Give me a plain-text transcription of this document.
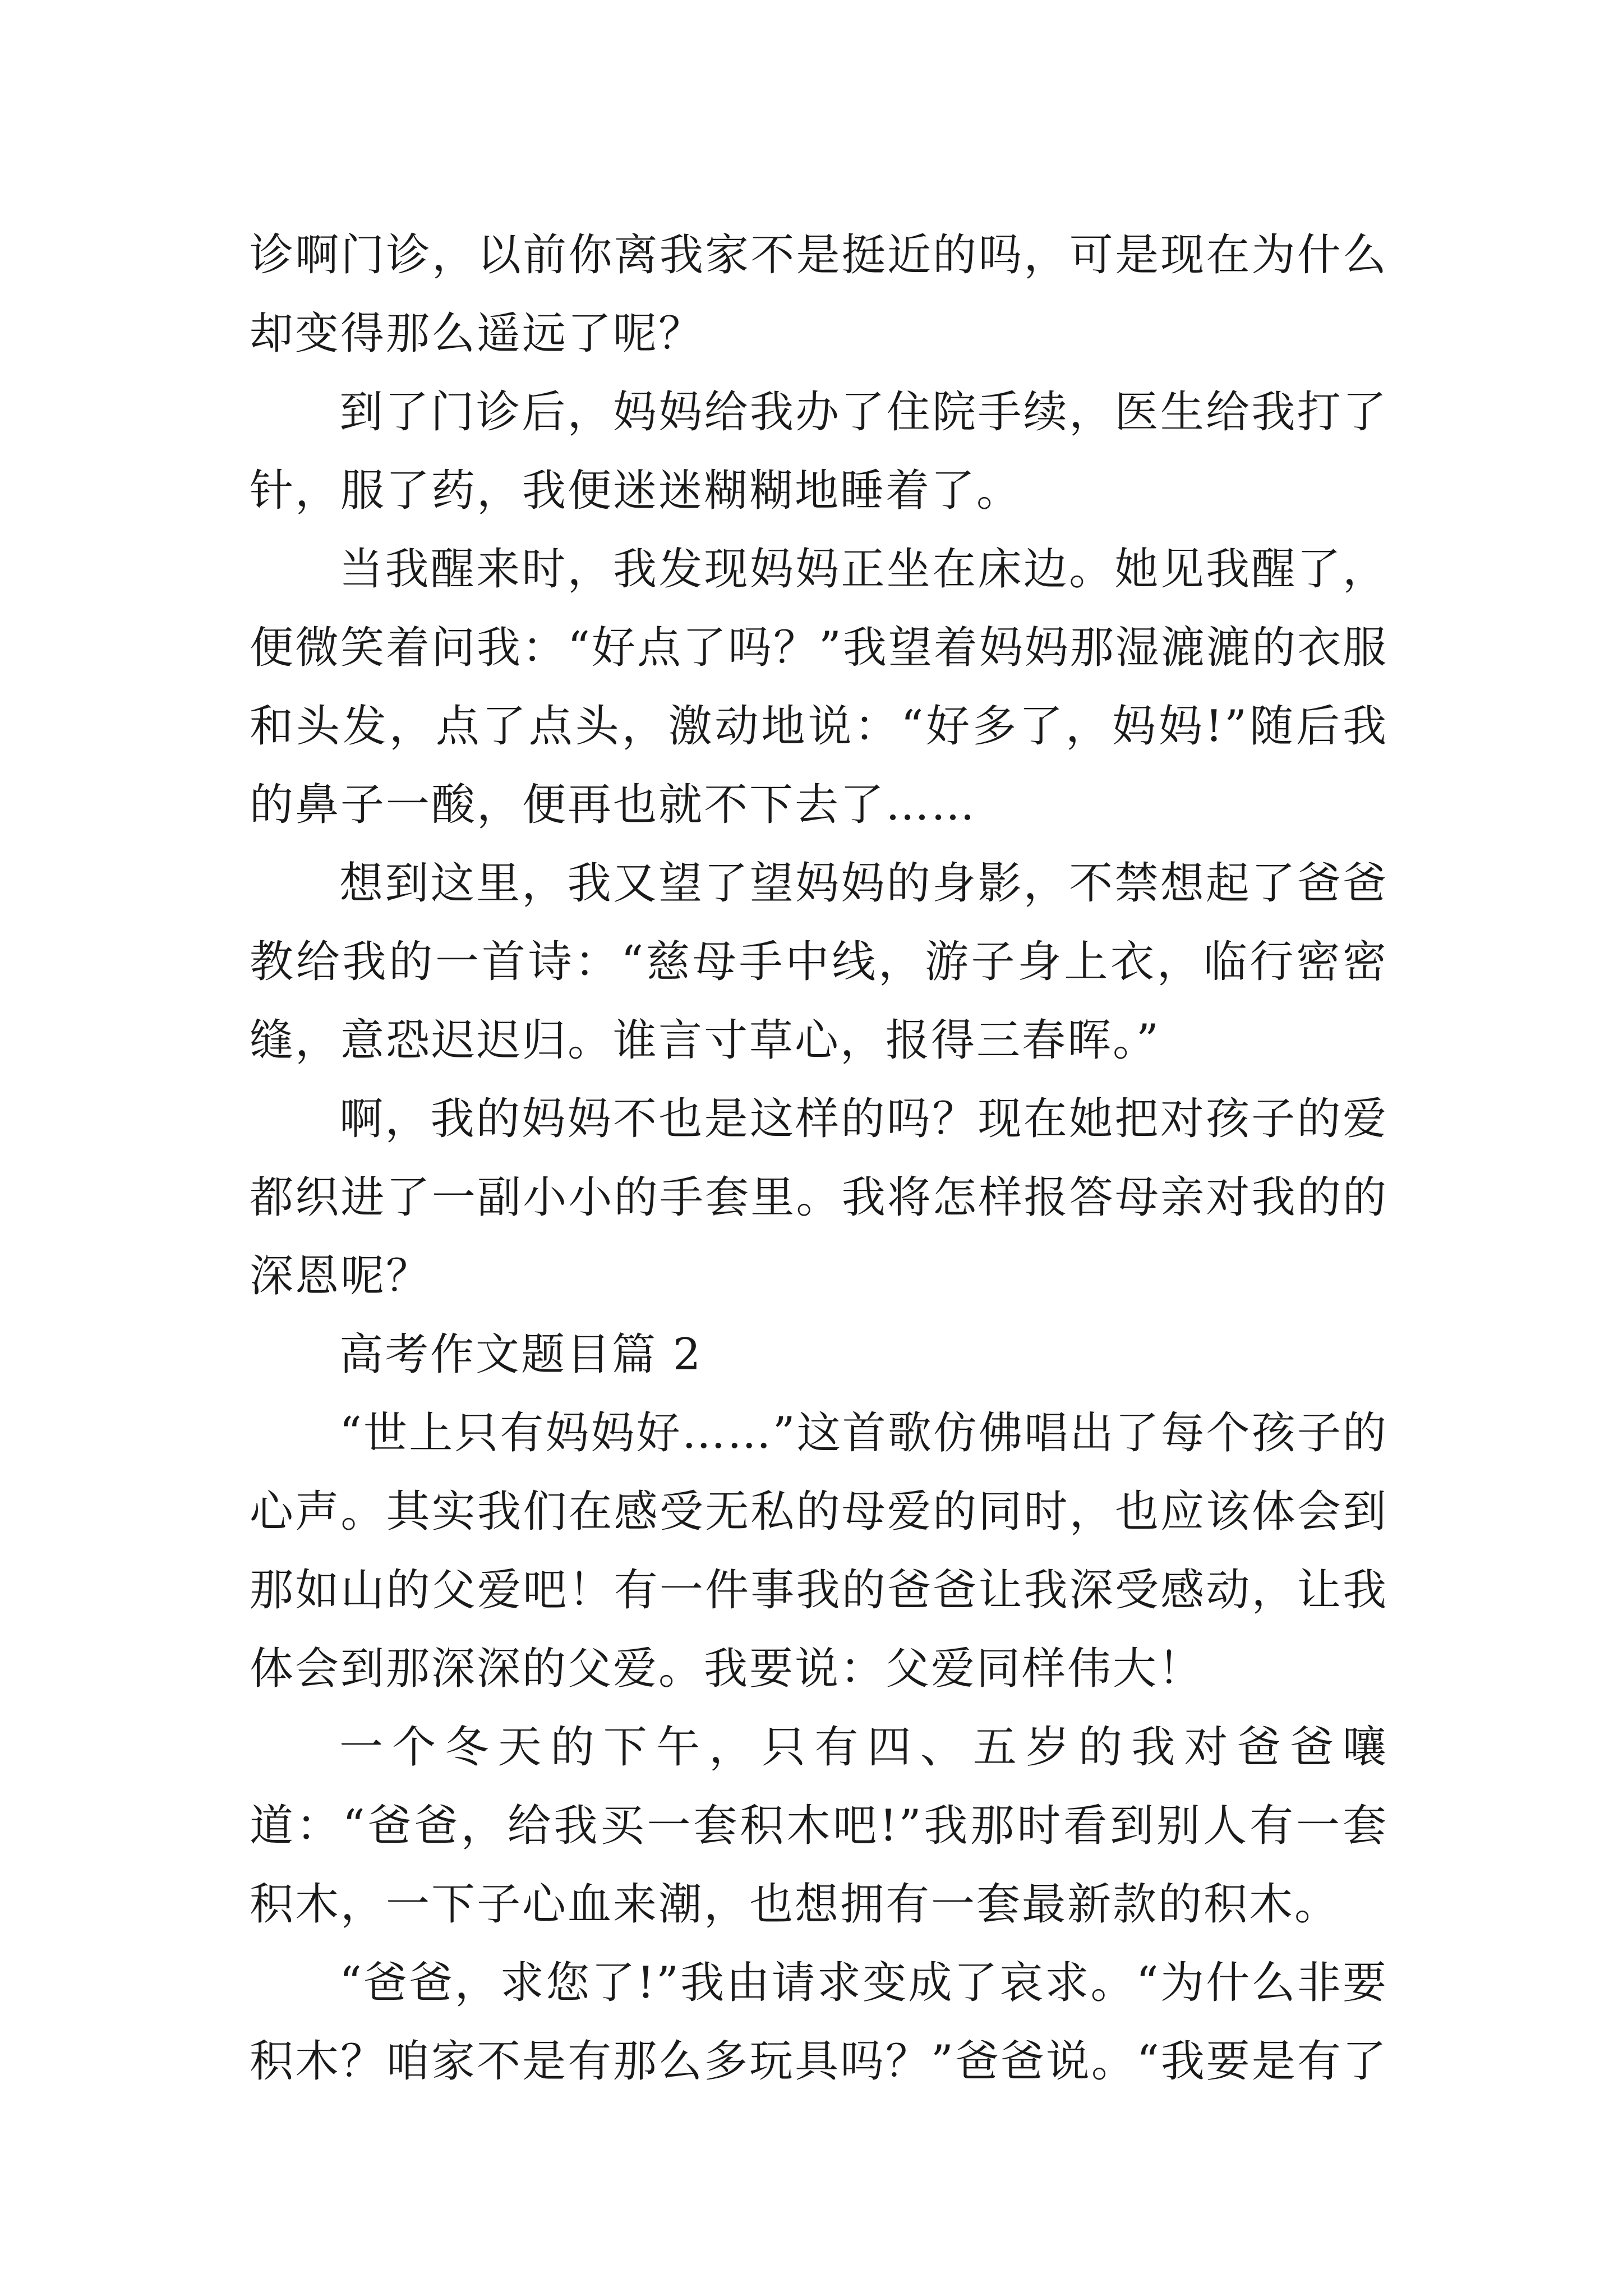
诊啊门诊，以前你离我家不是挺近的吗，可是现在为什么却变得那么遥远了呢？

到了门诊后，妈妈给我办了住院手续，医生给我打了针，服了药，我便迷迷糊糊地睡着了。

当我醒来时，我发现妈妈正坐在床边。她见我醒了，便微笑着问我：“好点了吗？”我望着妈妈那湿漉漉的衣服和头发，点了点头，激动地说：“好多了，妈妈!”随后我的鼻子一酸，便再也就不下去了……

想到这里，我又望了望妈妈的身影，不禁想起了爸爸教给我的一首诗：“慈母手中线，游子身上衣，临行密密缝，意恐迟迟归。谁言寸草心，报得三春晖。”

啊，我的妈妈不也是这样的吗？现在她把对孩子的爱都织进了一副小小的手套里。我将怎样报答母亲对我的的深恩呢？

高考作文题目篇 2

“世上只有妈妈好……”这首歌仿佛唱出了每个孩子的心声。其实我们在感受无私的母爱的同时，也应该体会到那如山的父爱吧！有一件事我的爸爸让我深受感动，让我体会到那深深的父爱。我要说：父爱同样伟大！

一个冬天的下午，只有四、五岁的我对爸爸嚷道：“爸爸，给我买一套积木吧!”我那时看到别人有一套积木，一下子心血来潮，也想拥有一套最新款的积木。

“爸爸，求您了!”我由请求变成了哀求。“为什么非要积木？咱家不是有那么多玩具吗？”爸爸说。“我要是有了
